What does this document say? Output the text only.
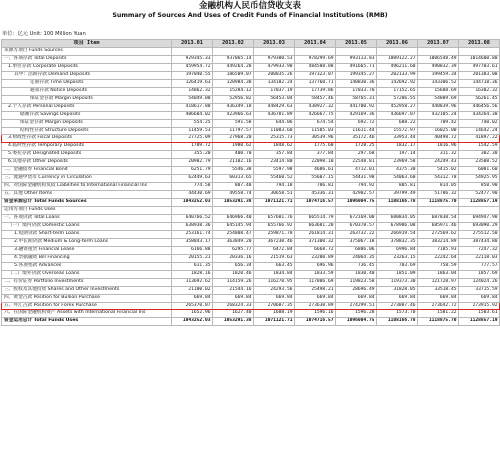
金融机构人民币信贷收支表
Summary of Sources And Uses of Credit Funds of Financial Institutions (RMB)
单位：亿元 Unit: 100 Million Yuan
项目 Item	2013.01	2013.02	2013.03	2013.04	2013.05	2013.06	2013.07	2013.08
来源方项目 Funds Sources								
一、各项存款 Total Deposits	929345.33	937065.14	979300.53	978299.69	993113.83	1009122.27	1006548.49	1014600.80
1.单位存款 Corporate Deposits	459954.72	449264.28	479933.90	484588.88	491665.71	496211.68	490832.39	497703.61
其中：活期存款 Demand Deposits	197040.55	186509.07	200035.26	197323.07	199345.27	202133.99	199459.34	201383.08
定期存款 Time Deposits	126419.63	128984.38	134182.24	137760.71	140830.36	142692.92	143306.52	144718.36
通知存款 Notice Deposits	14862.32	15284.12	17037.19	17739.86	17033.70	17152.65	15688.69	16302.32
保证金存款 Margin Deposits	54049.00	52956.82	56453.04	58457.46	58765.31	57286.55	54889.69	56261.45
2.个人存款 Personal Deposits	418617.80	436349.18	448429.63	438927.32	441700.92	452958.27	448839.96	446456.56
储蓄存款 Savings Deposits	406604.02	423966.63	436781.89	426667.75	429169.36	436697.07	432105.24	434264.30
保证金存款 Margin Deposits	554.25	591.58	644.06	674.54	692.72	688.22	709.42	740.02
结构性存款 Structure Deposits	11459.53	11797.57	11003.68	11585.03	11611.44	15572.97	16025.00	14642.24
3.财政性存款 Fiscal Deposits	27725.09	27968.20	25315.73	30539.96	35172.46	33953.44	40498.72	41897.22
4.临时性存款 Temporary Deposits	1709.72	1980.62	1848.62	1775.60	1728.25	1832.17	1816.96	1542.59
5.委托存款 Designated Deposits	355.20	400.70	357.84	377.84	297.68	197.14	311.32	302.30
6.其他存款 Other Deposits	20982.79	21102.16	23414.80	22098.10	22548.81	23969.58	24249.43	23508.52
二、金融债券 Financial Bond	6251.79	5546.38	5597.98	4686.61	4712.01	4375.30	5415.02	6001.60
三、流通中货币 Currency in Circulation	62449.63	60313.65	55460.52	55607.15	54431.98	54063.60	54312.78	54925.95
四、对国际金融机构负债 Liabilities to International Financial Ins	774.58	807.48	794.18	786.81	794.92	805.81	814.05	850.90
五、其他 Other Items	44430.69	49558.74	30658.51	45336.31	42902.57	39799.49	51786.32	52477.90
资金来源总计 Total Funds Sources	1043252.03	1053291.38	1071121.71	1074716.57	1096004.75	1108166.78	1118875.70	1128857.19
运用方项目 Funds Uses								
一、各项贷款 Total Loans	640766.52	646966.40	657601.76	665514.79	672169.00	680834.05	687830.54	694947.98
（一）境内贷款 Domestic Loans	638938.36	645145.94	655766.92	663681.20	670378.57	678986.08	685971.46	693090.29
1.短期贷款 Short-term Loans	253161.74	254808.47	259871.78	261814.31	263732.22	266919.54	272569.62	275512.50
2.中长期贷款 Medium & Long-term Loans	358843.17	363049.20	367230.46	371300.32	375067.18	378832.35	383214.89	387434.80
3.融资租赁 Financial Lease	6166.88	6295.77	6472.84	6668.72	6806.06	6996.84	7185.93	7247.32
4.票据融资 Bill Financing	20155.21	20336.16	21519.63	23200.89	24064.35	23263.15	22242.64	22118.03
5.各项垫款 Advances	611.35	656.34	663.45	696.96	736.45	703.69	758.59	777.57
（二）境外贷款 Overseas Loans	1828.16	1820.46	1834.84	1833.59	1830.40	1851.09	1863.04	1857.69
二、有价证券 Portfolio Investments	113692.62	114159.26	116270.95	117806.69	119823.58	119373.30	121728.97	124024.26
三、股权及其他投资 Shares and Other Investments	21100.02	21544.16	24293.56	25498.21	28696.49	31828.05	33518.45	33715.59
四、黄金占款 Position for Bullion Purchase	669.84	669.84	669.84	669.84	669.84	669.84	669.84	669.84
五、外汇占款 Position for Forex Purchase	265370.07	268324.33	270687.35	273630.89	274299.51	273887.46	273642.72	273915.92
六、在国际金融机构资产 Assets with International Financial Ins	1652.96	1627.40	1608.19	1596.16	1596.28	1573.70	1581.22	1583.61
资金运用总计 Total Funds Uses	1043252.03	1053291.38	1071121.71	1074716.57	1096004.75	1108166.78	1118875.70	1128857.19
